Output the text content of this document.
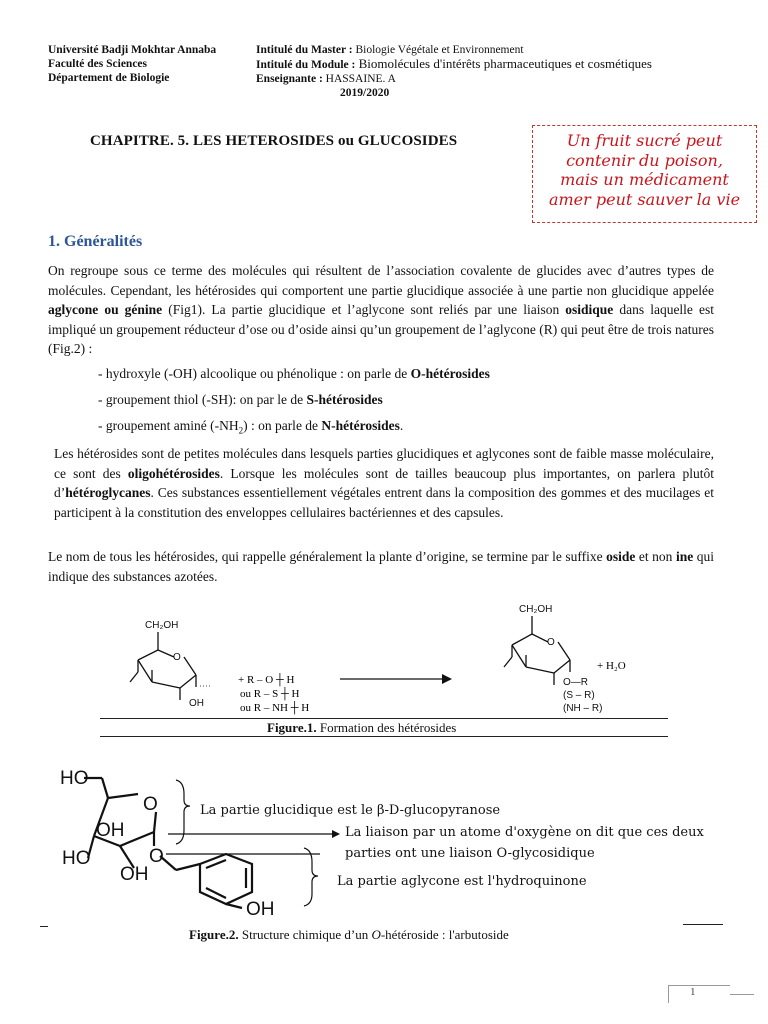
Université Badji Mokhtar Annaba
Faculté des Sciences
Département de Biologie
Intitulé du Master : Biologie Végétale et Environnement
Intitulé du Module : Biomolécules d'intérêts pharmaceutiques et cosmétiques
Enseignante : HASSAINE. A
2019/2020
CHAPITRE. 5. LES HETEROSIDES ou GLUCOSIDES	Un fruit sucré peut
contenir du poison,
mais un médicament
amer peut sauver la vie
1. Généralités
On regroupe sous ce terme des molécules qui résultent de l’association covalente de glucides avec d’autres types de molécules. Cependant, les hétérosides qui comportent une partie glucidique associée à une partie non glucidique appelée aglycone ou génine (Fig1). La partie glucidique et l’aglycone sont reliés par une liaison osidique dans laquelle est impliqué un groupement réducteur d’ose ou d’oside ainsi qu’un groupement de l’aglycone (R) qui peut être de trois natures (Fig.2) :
- hydroxyle (-OH) alcoolique ou phénolique : on parle de O-hétérosides
- groupement thiol (-SH): on par le de S-hétérosides
- groupement aminé $(-NH_2)$ : on parle de N-hétérosides.
Les hétérosides sont de petites molécules dans lesquels parties glucidiques et aglycones sont de faible masse moléculaire, ce sont des oligohétérosides. Lorsque les molécules sont de tailles beaucoup plus importantes, on parlera plutôt d’hétéroglycanes. Ces substances essentiellement végétales entrent dans la composition des gommes et des mucilages et participent à la constitution des enveloppes cellulaires bactériennes et des capsules.
Le nom de tous les hétérosides, qui rappelle généralement la plante d’origine, se termine par le suffixe oside et non ine qui indique des substances azotées.
CH₂OH
O
OH
+ R – O ┼ H
ou R – S ┼ H
ou R – NH ┼ H
CH₂OH
O
O—R
(S – R)
(NH – R)
+ H₂O
Figure.1. Formation des hétérosides
HO
O
OH
HO
OH
O
OH
La partie glucidique est le β-D-glucopyranose
La liaison par un atome d'oxygène on dit que ces deux
parties ont une liaison O-glycosidique
La partie aglycone est l'hydroquinone
Figure.2. Structure chimique d’un O-hétéroside : l'arbutoside
1
